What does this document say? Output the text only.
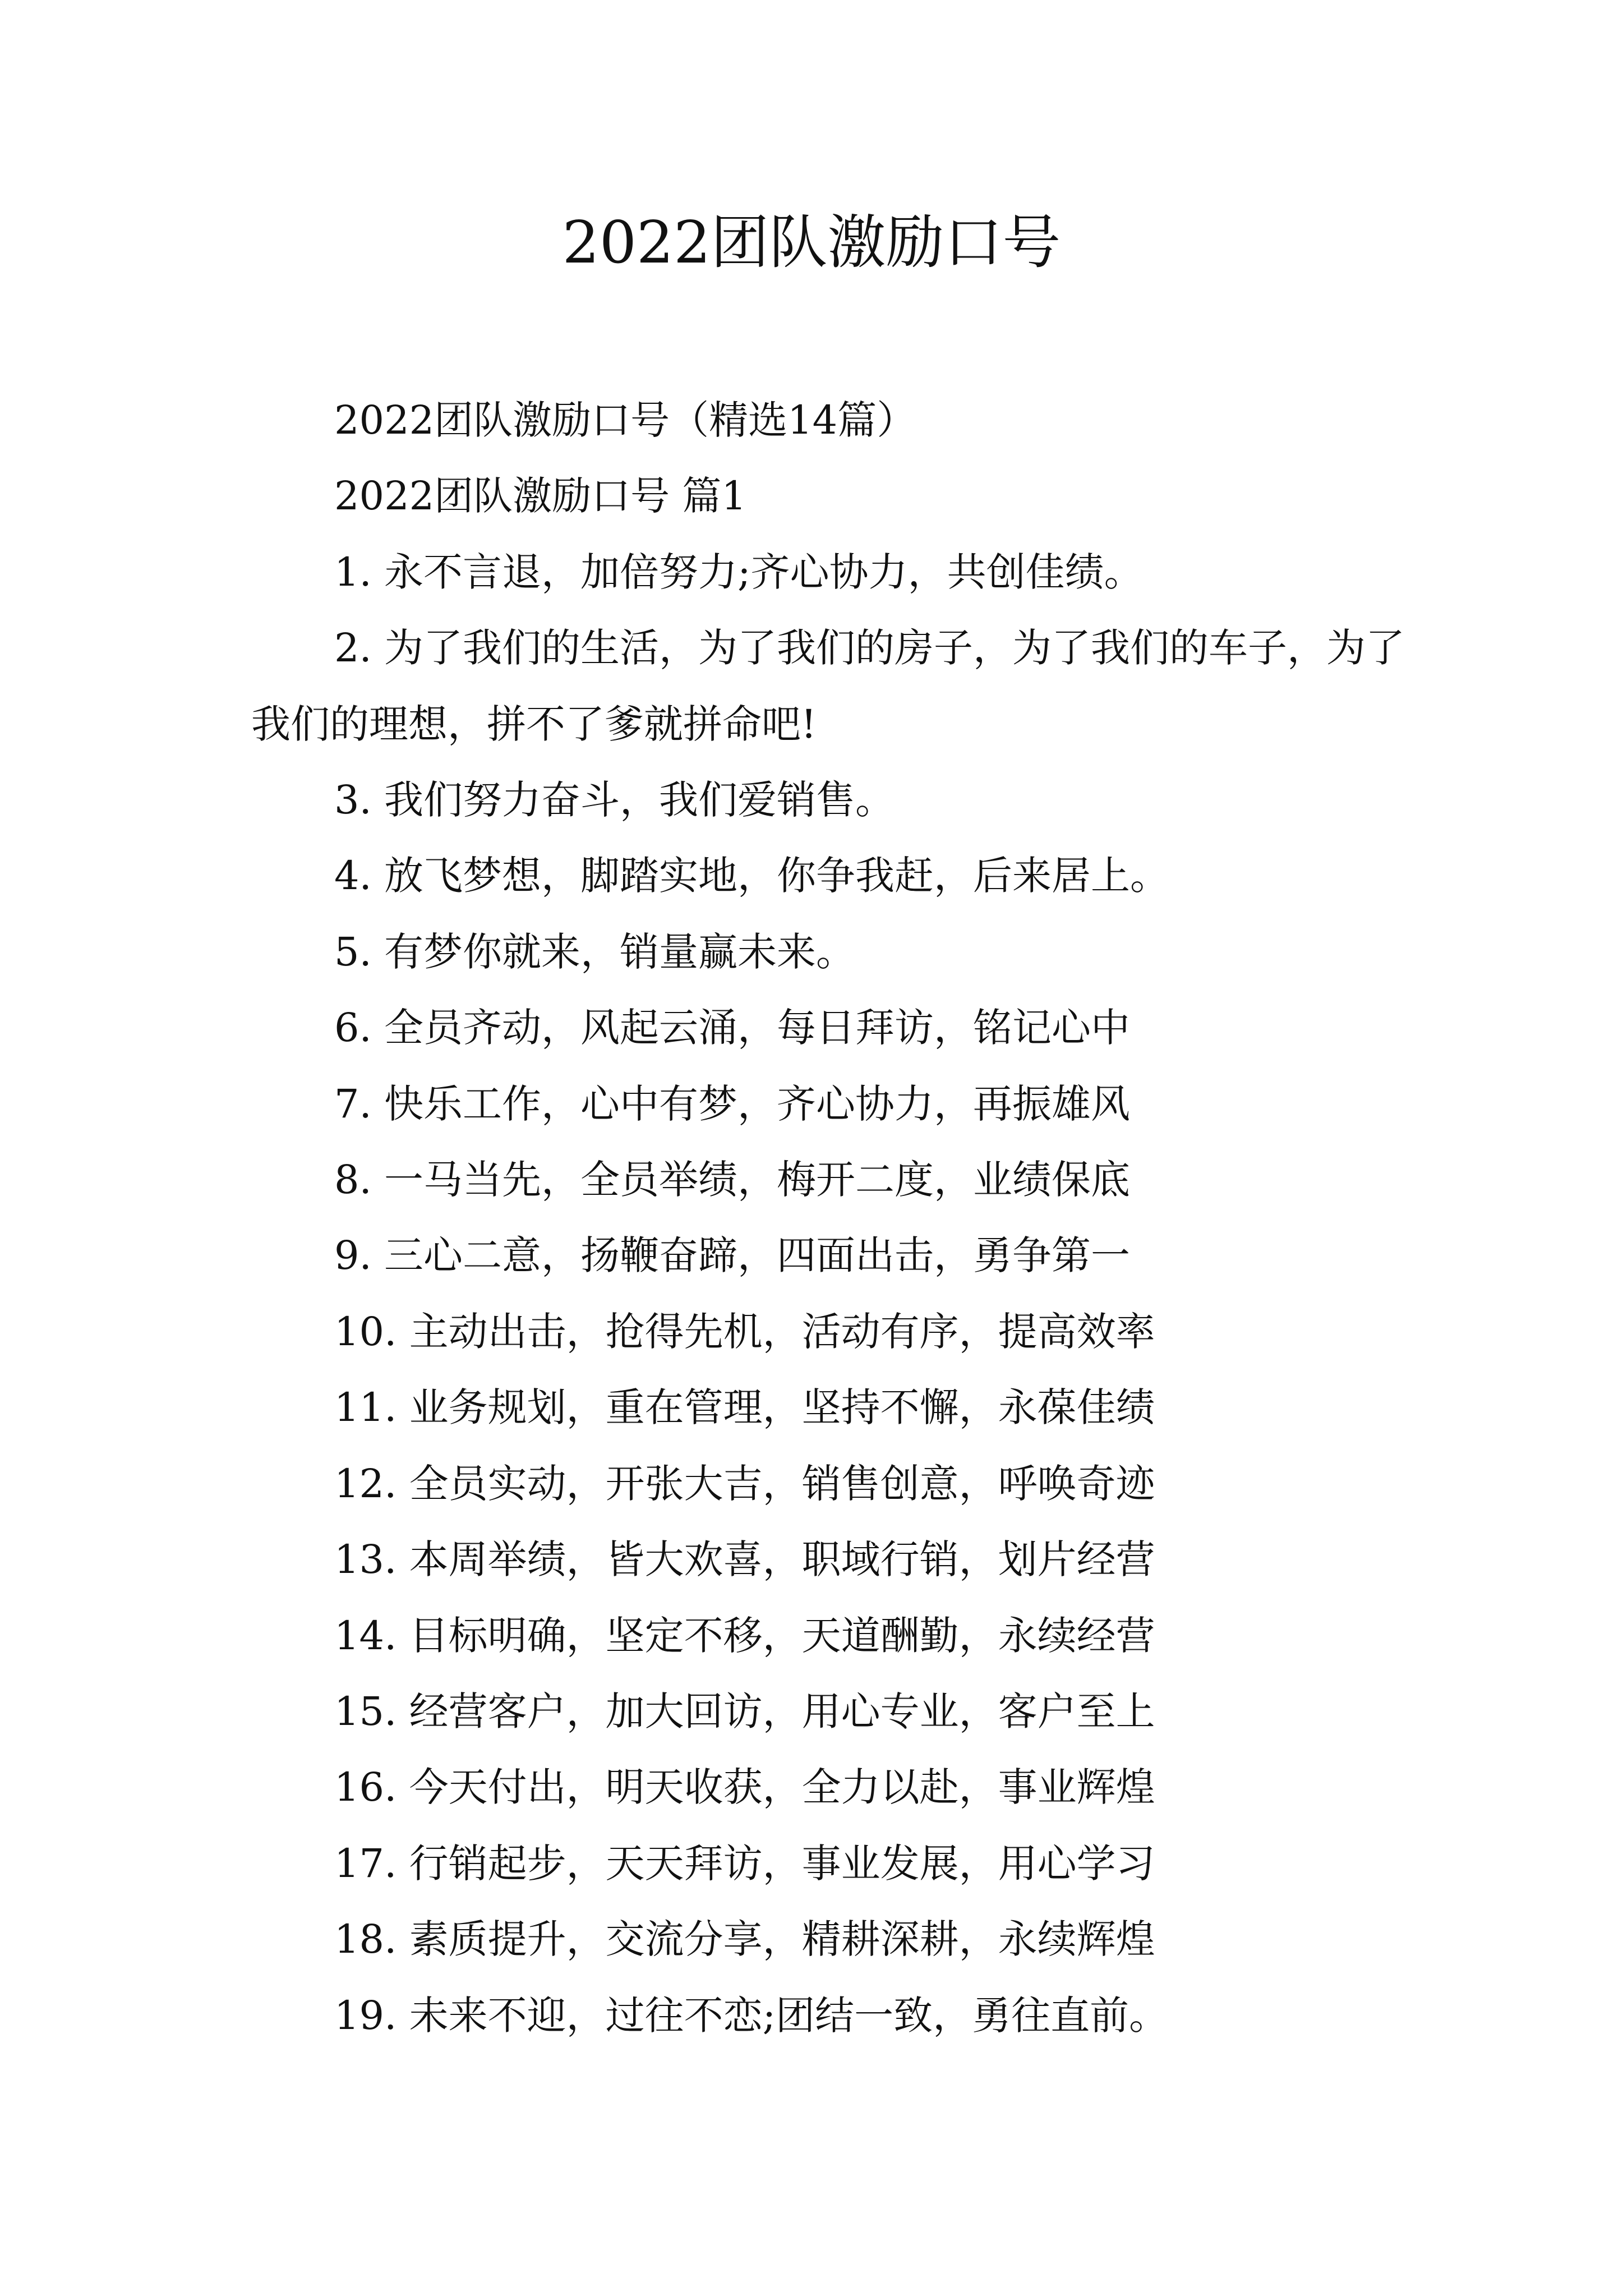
2022团队激励口号

2022团队激励口号（精选14篇）

2022团队激励口号 篇1

1. 永不言退，加倍努力;齐心协力，共创佳绩。

2. 为了我们的生活，为了我们的房子，为了我们的车子，为了我们的理想，拼不了爹就拼命吧!

3. 我们努力奋斗，我们爱销售。

4. 放飞梦想，脚踏实地，你争我赶，后来居上。

5. 有梦你就来，销量赢未来。

6. 全员齐动，风起云涌，每日拜访，铭记心中

7. 快乐工作，心中有梦，齐心协力，再振雄风

8. 一马当先，全员举绩，梅开二度，业绩保底

9. 三心二意，扬鞭奋蹄，四面出击，勇争第一

10. 主动出击，抢得先机，活动有序，提高效率

11. 业务规划，重在管理，坚持不懈，永葆佳绩

12. 全员实动，开张大吉，销售创意，呼唤奇迹

13. 本周举绩，皆大欢喜，职域行销，划片经营

14. 目标明确，坚定不移，天道酬勤，永续经营

15. 经营客户，加大回访，用心专业，客户至上

16. 今天付出，明天收获，全力以赴，事业辉煌

17. 行销起步，天天拜访，事业发展，用心学习

18. 素质提升，交流分享，精耕深耕，永续辉煌

19. 未来不迎，过往不恋;团结一致，勇往直前。
